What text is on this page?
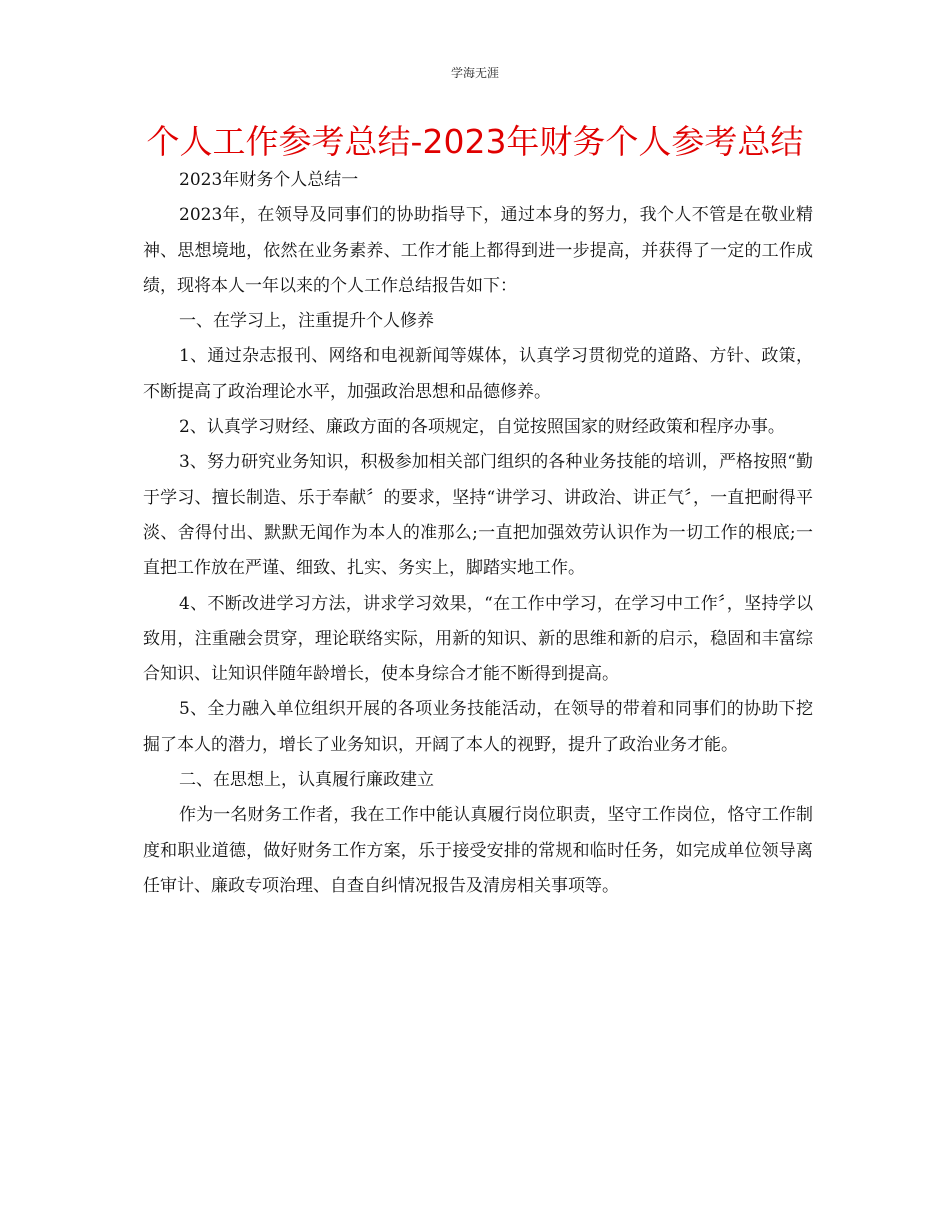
学海无涯
个人工作参考总结-2023年财务个人参考总结

2023年财务个人总结一

2023年，在领导及同事们的协助指导下，通过本身的努力，我个人不管是在敬业精神、思想境地，依然在业务素养、工作才能上都得到进一步提高，并获得了一定的工作成绩，现将本人一年以来的个人工作总结报告如下：

一、在学习上，注重提升个人修养

1、通过杂志报刊、网络和电视新闻等媒体，认真学习贯彻党的道路、方针、政策，不断提高了政治理论水平，加强政治思想和品德修养。

2、认真学习财经、廉政方面的各项规定，自觉按照国家的财经政策和程序办事。

3、努力研究业务知识，积极参加相关部门组织的各种业务技能的培训，严格按照“勤于学习、擅长制造、乐于奉献〞的要求，坚持“讲学习、讲政治、讲正气〞，一直把耐得平淡、舍得付出、默默无闻作为本人的准那么;一直把加强效劳认识作为一切工作的根底;一直把工作放在严谨、细致、扎实、务实上，脚踏实地工作。

4、不断改进学习方法，讲求学习效果，“在工作中学习，在学习中工作〞，坚持学以致用，注重融会贯穿，理论联络实际，用新的知识、新的思维和新的启示，稳固和丰富综合知识、让知识伴随年龄增长，使本身综合才能不断得到提高。

5、全力融入单位组织开展的各项业务技能活动，在领导的带着和同事们的协助下挖掘了本人的潜力，增长了业务知识，开阔了本人的视野，提升了政治业务才能。

二、在思想上，认真履行廉政建立

作为一名财务工作者，我在工作中能认真履行岗位职责，坚守工作岗位，恪守工作制度和职业道德，做好财务工作方案，乐于接受安排的常规和临时任务，如完成单位领导离任审计、廉政专项治理、自查自纠情况报告及清房相关事项等。
